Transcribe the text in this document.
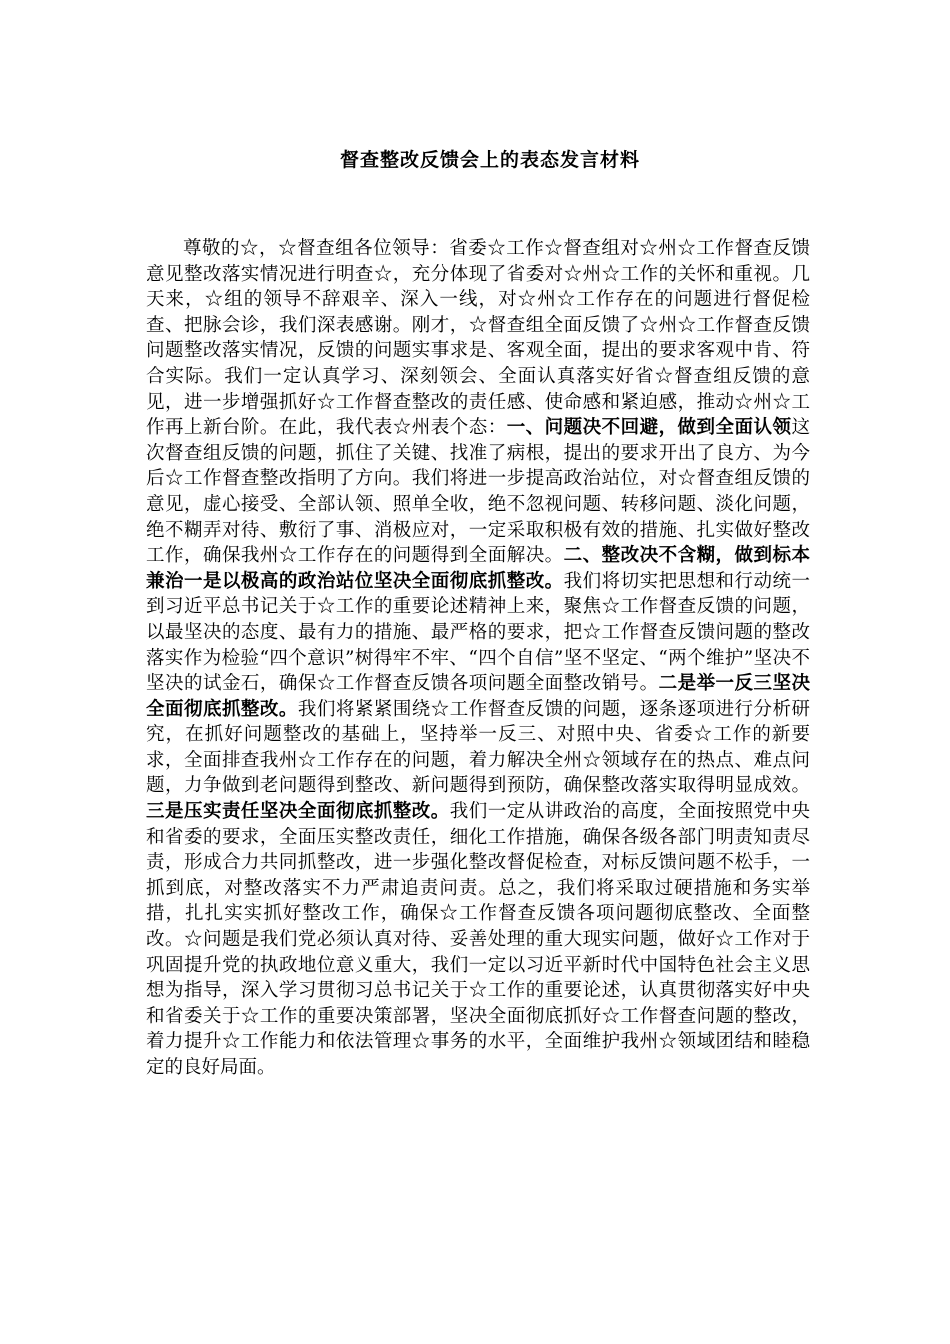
督查整改反馈会上的表态发言材料

尊敬的☆，☆督查组各位领导：省委☆工作☆督查组对☆州☆工作督查反馈意见整改落实情况进行明查☆，充分体现了省委对☆州☆工作的关怀和重视。几天来，☆组的领导不辞艰辛、深入一线，对☆州☆工作存在的问题进行督促检查、把脉会诊，我们深表感谢。刚才，☆督查组全面反馈了☆州☆工作督查反馈问题整改落实情况，反馈的问题实事求是、客观全面，提出的要求客观中肯、符合实际。我们一定认真学习、深刻领会、全面认真落实好省☆督查组反馈的意见，进一步增强抓好☆工作督查整改的责任感、使命感和紧迫感，推动☆州☆工作再上新台阶。在此，我代表☆州表个态：一、问题决不回避，做到全面认领这次督查组反馈的问题，抓住了关键、找准了病根，提出的要求开出了良方、为今后☆工作督查整改指明了方向。我们将进一步提高政治站位，对☆督查组反馈的意见，虚心接受、全部认领、照单全收，绝不忽视问题、转移问题、淡化问题，绝不糊弄对待、敷衍了事、消极应对，一定采取积极有效的措施、扎实做好整改工作，确保我州☆工作存在的问题得到全面解决。二、整改决不含糊，做到标本兼治一是以极高的政治站位坚决全面彻底抓整改。我们将切实把思想和行动统一到习近平总书记关于☆工作的重要论述精神上来，聚焦☆工作督查反馈的问题，以最坚决的态度、最有力的措施、最严格的要求，把☆工作督查反馈问题的整改落实作为检验“四个意识”树得牢不牢、“四个自信”坚不坚定、“两个维护”坚决不坚决的试金石，确保☆工作督查反馈各项问题全面整改销号。二是举一反三坚决全面彻底抓整改。我们将紧紧围绕☆工作督查反馈的问题，逐条逐项进行分析研究，在抓好问题整改的基础上，坚持举一反三、对照中央、省委☆工作的新要求，全面排查我州☆工作存在的问题，着力解决全州☆领域存在的热点、难点问题，力争做到老问题得到整改、新问题得到预防，确保整改落实取得明显成效。三是压实责任坚决全面彻底抓整改。我们一定从讲政治的高度，全面按照党中央和省委的要求，全面压实整改责任，细化工作措施，确保各级各部门明责知责尽责，形成合力共同抓整改，进一步强化整改督促检查，对标反馈问题不松手，一抓到底，对整改落实不力严肃追责问责。总之，我们将采取过硬措施和务实举措，扎扎实实抓好整改工作，确保☆工作督查反馈各项问题彻底整改、全面整改。☆问题是我们党必须认真对待、妥善处理的重大现实问题，做好☆工作对于巩固提升党的执政地位意义重大，我们一定以习近平新时代中国特色社会主义思想为指导，深入学习贯彻习总书记关于☆工作的重要论述，认真贯彻落实好中央和省委关于☆工作的重要决策部署，坚决全面彻底抓好☆工作督查问题的整改，着力提升☆工作能力和依法管理☆事务的水平，全面维护我州☆领域团结和睦稳定的良好局面。
